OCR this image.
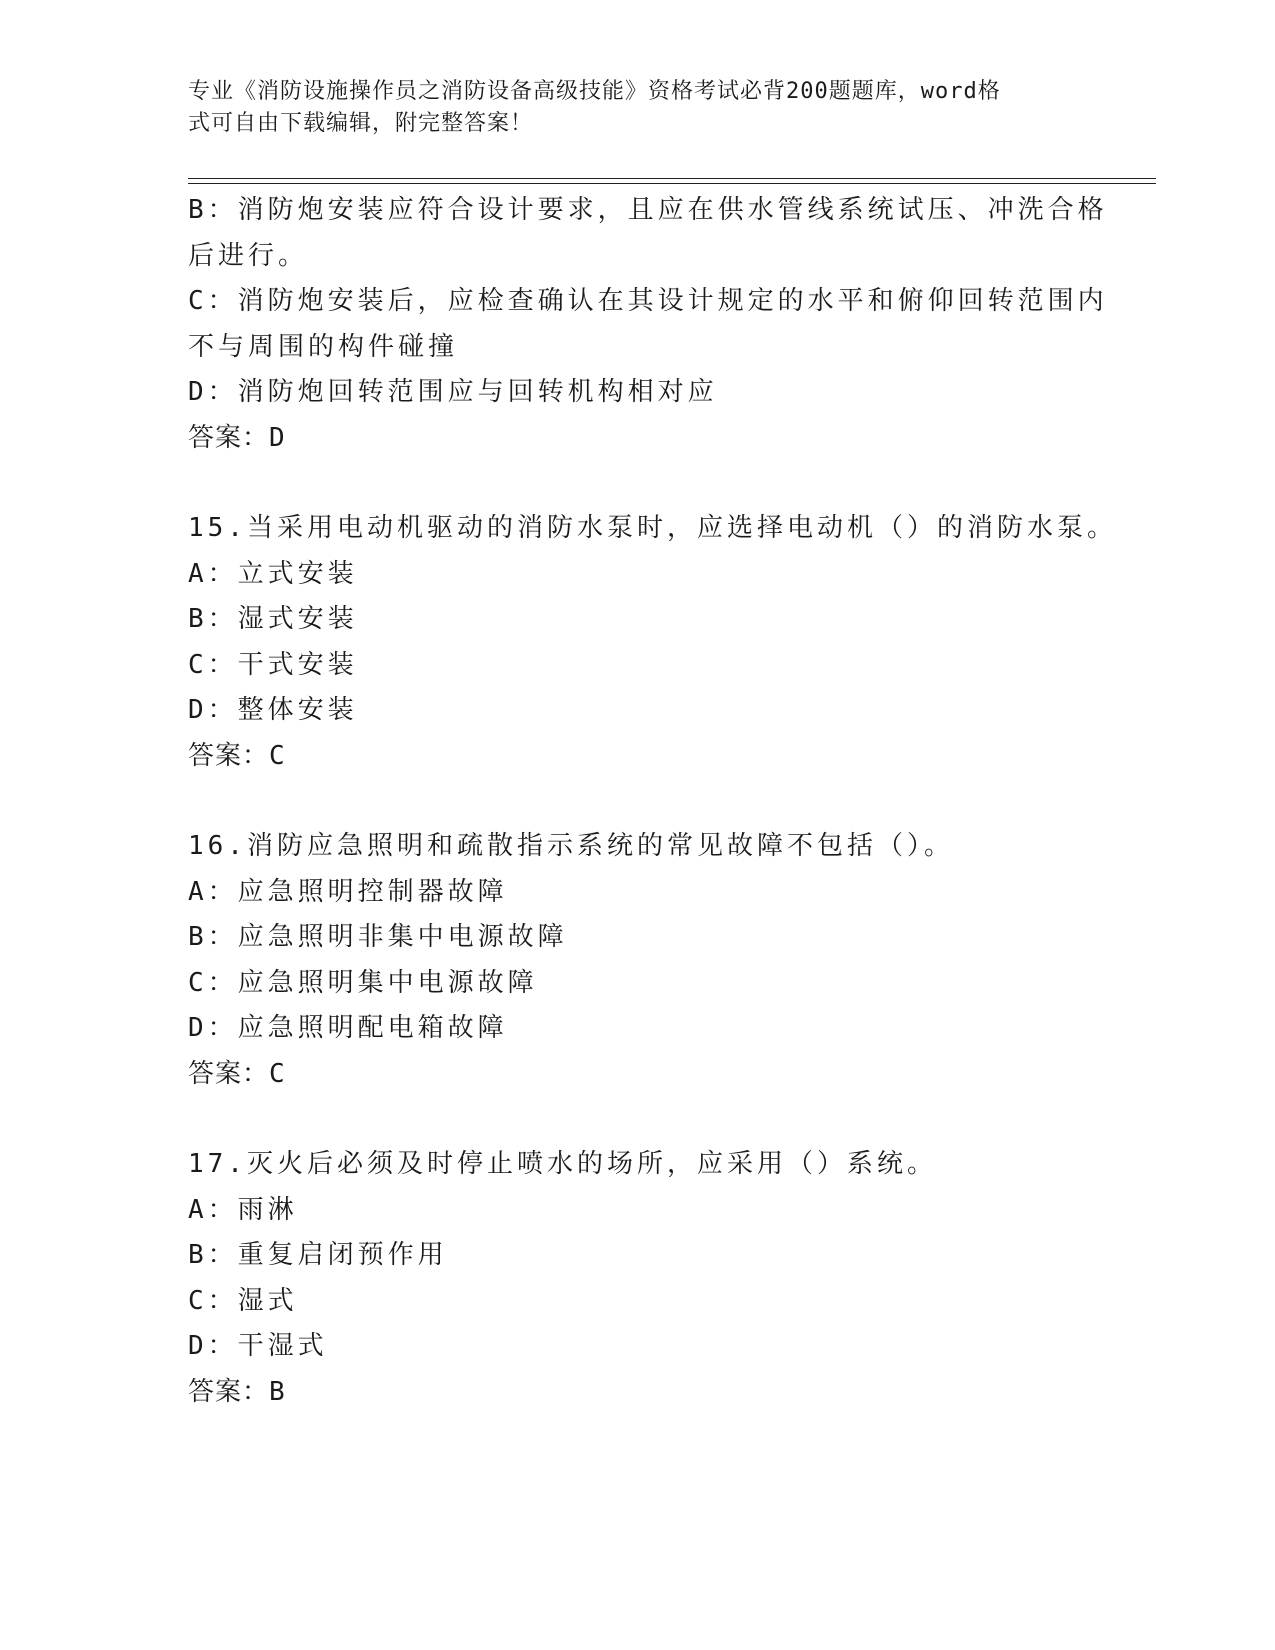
专业《消防设施操作员之消防设备高级技能》资格考试必背200题题库，word格
式可自由下载编辑，附完整答案！
B：消防炮安装应符合设计要求，且应在供水管线系统试压、冲洗合格
后进行。
C：消防炮安装后，应检查确认在其设计规定的水平和俯仰回转范围内
不与周围的构件碰撞
D：消防炮回转范围应与回转机构相对应
答案：D
15.当采用电动机驱动的消防水泵时，应选择电动机（）的消防水泵。
A：立式安装
B：湿式安装
C：干式安装
D：整体安装
答案：C
16.消防应急照明和疏散指示系统的常见故障不包括（）。
A：应急照明控制器故障
B：应急照明非集中电源故障
C：应急照明集中电源故障
D：应急照明配电箱故障
答案：C
17.灭火后必须及时停止喷水的场所，应采用（）系统。
A：雨淋
B：重复启闭预作用
C：湿式
D：干湿式
答案：B
